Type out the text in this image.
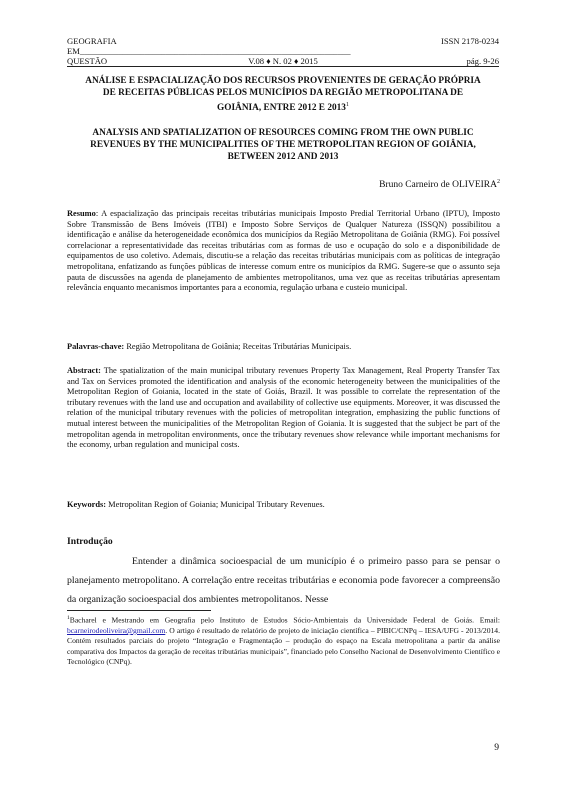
GEOGRAFIA	ISSN 2178-0234
EM_______________________________________________________________
QUESTÃO	V.08 ♦ N. 02 ♦ 2015	pág. 9-26
ANÁLISE E ESPACIALIZAÇÃO DOS RECURSOS PROVENIENTES DE GERAÇÃO PRÓPRIA DE RECEITAS PÚBLICAS PELOS MUNICÍPIOS DA REGIÃO METROPOLITANA DE GOIÂNIA, ENTRE 2012 E 2013$^1$
ANALYSIS AND SPATIALIZATION OF RESOURCES COMING FROM THE OWN PUBLIC REVENUES BY THE MUNICIPALITIES OF THE METROPOLITAN REGION OF GOIÂNIA, BETWEEN 2012 AND 2013
Bruno Carneiro de OLIVEIRA$^2$

Resumo: A espacialização das principais receitas tributárias municipais Imposto Predial Territorial Urbano (IPTU), Imposto Sobre Transmissão de Bens Imóveis (ITBI) e Imposto Sobre Serviços de Qualquer Natureza (ISSQN) possibilitou a identificação e análise da heterogeneidade econômica dos municípios da Região Metropolitana de Goiânia (RMG). Foi possível correlacionar a representatividade das receitas tributárias com as formas de uso e ocupação do solo e a disponibilidade de equipamentos de uso coletivo. Ademais, discutiu-se a relação das receitas tributárias municipais com as políticas de integração metropolitana, enfatizando as funções públicas de interesse comum entre os municípios da RMG. Sugere-se que o assunto seja pauta de discussões na agenda de planejamento de ambientes metropolitanos, uma vez que as receitas tributárias apresentam relevância enquanto mecanismos importantes para a economia, regulação urbana e custeio municipal.

Palavras-chave: Região Metropolitana de Goiânia; Receitas Tributárias Municipais.

Abstract: The spatialization of the main municipal tributary revenues Property Tax Management, Real Property Transfer Tax and Tax on Services promoted the identification and analysis of the economic heterogeneity between the municipalities of the Metropolitan Region of Goiania, located in the state of Goiás, Brazil. It was possible to correlate the representation of the tributary revenues with the land use and occupation and availability of collective use equipments. Moreover, it was discussed the relation of the municipal tributary revenues with the policies of metropolitan integration, emphasizing the public functions of mutual interest between the municipalities of the Metropolitan Region of Goiania. It is suggested that the subject be part of the metropolitan agenda in metropolitan environments, once the tributary revenues show relevance while important mechanisms for the economy, urban regulation and municipal costs.

Keywords: Metropolitan Region of Goiania; Municipal Tributary Revenues.

Introdução

Entender a dinâmica socioespacial de um município é o primeiro passo para se pensar o planejamento metropolitano. A correlação entre receitas tributárias e economia pode favorecer a compreensão da organização socioespacial dos ambientes metropolitanos. Nesse

$^1$Bacharel e Mestrando em Geografia pelo Instituto de Estudos Sócio-Ambientais da Universidade Federal de Goiás. Email: bcarneirodeoliveira@gmail.com. O artigo é resultado de relatório de projeto de iniciação científica – PIBIC/CNPq – IESA/UFG - 2013/2014. Contém resultados parciais do projeto “Integração e Fragmentação – produção do espaço na Escala metropolitana a partir da análise comparativa dos Impactos da geração de receitas tributárias municipais”, financiado pelo Conselho Nacional de Desenvolvimento Científico e Tecnológico (CNPq).

9
